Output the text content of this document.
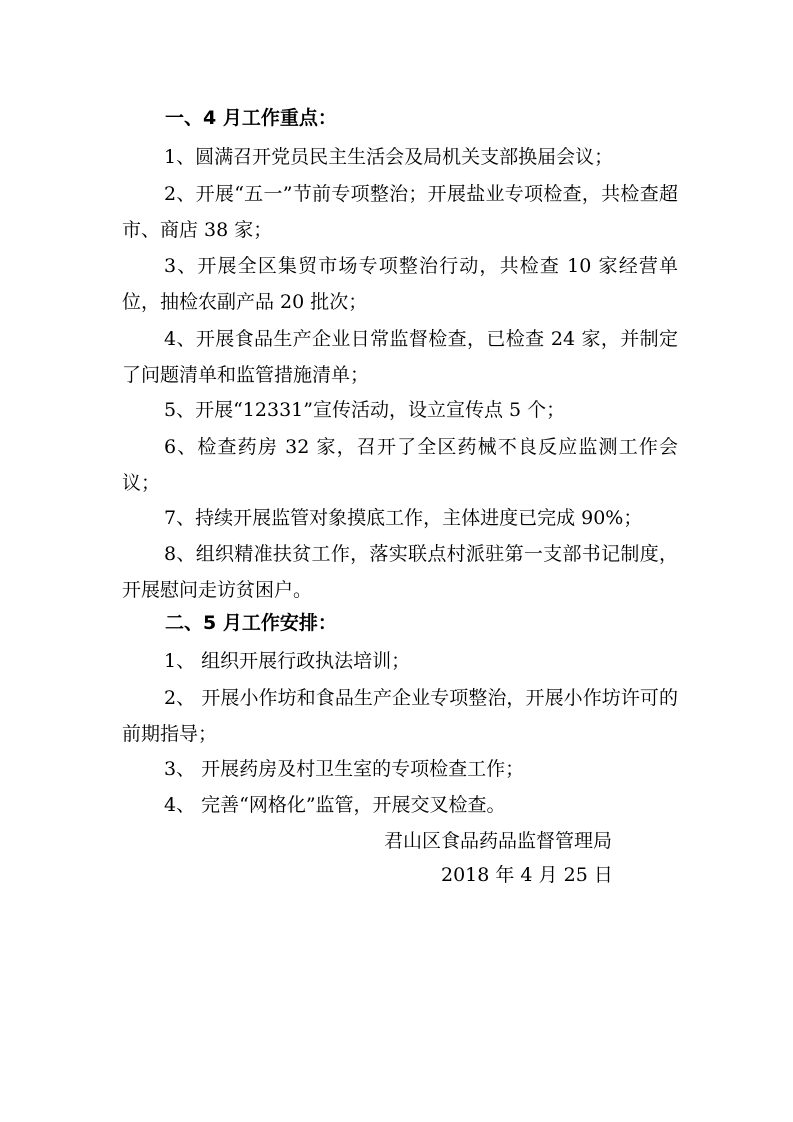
一、4 月工作重点：
1、圆满召开党员民主生活会及局机关支部换届会议；
2、开展“五一”节前专项整治；开展盐业专项检查，共检查超市、商店 38 家；
3、开展全区集贸市场专项整治行动，共检查 10 家经营单位，抽检农副产品 20 批次；
4、开展食品生产企业日常监督检查，已检查 24 家，并制定了问题清单和监管措施清单；
5、开展“12331”宣传活动，设立宣传点 5 个；
6、检查药房 32 家，召开了全区药械不良反应监测工作会议；
7、持续开展监管对象摸底工作，主体进度已完成 90%；
8、组织精准扶贫工作，落实联点村派驻第一支部书记制度，开展慰问走访贫困户。
二、5 月工作安排：
1、 组织开展行政执法培训；
2、 开展小作坊和食品生产企业专项整治，开展小作坊许可的前期指导；
3、 开展药房及村卫生室的专项检查工作；
4、 完善“网格化”监管，开展交叉检查。
君山区食品药品监督管理局
2018 年 4 月 25 日
